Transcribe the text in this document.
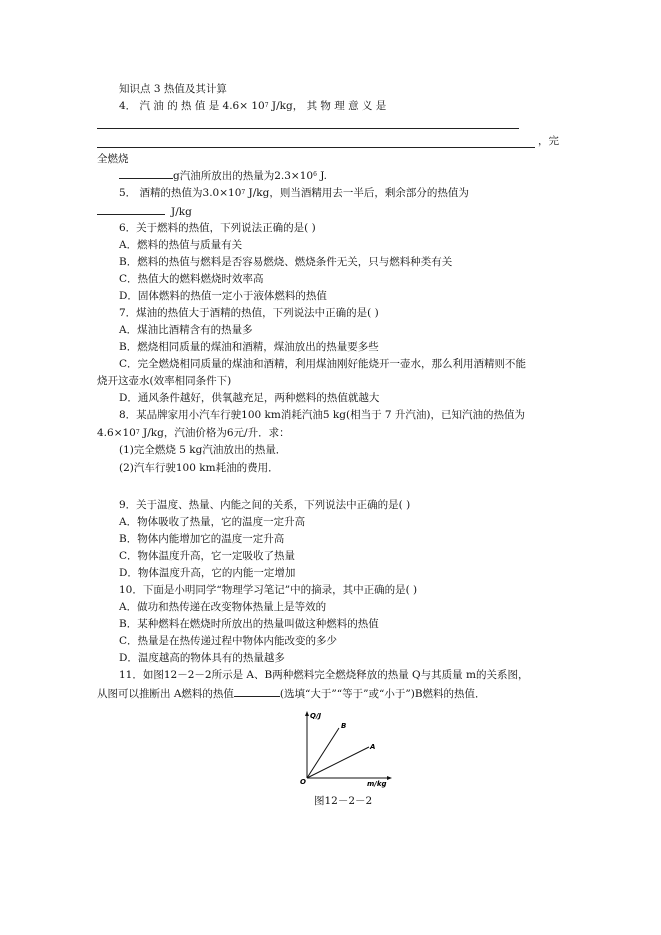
知识点 3 热值及其计算
4． 汽 油 的 热 值 是 $4.6\times 10^7$ J/kg， 其 物 理 意 义 是
，完
全燃烧
g汽油所放出的热量为$2.3\times 10^6$ J.
5． 酒精的热值为$3.0\times 10^7$ J/kg，则当酒精用去一半后，剩余部分的热值为
J/kg
6．关于燃料的热值，下列说法正确的是( )
A．燃料的热值与质量有关
B．燃料的热值与燃料是否容易燃烧、燃烧条件无关，只与燃料种类有关
C．热值大的燃料燃烧时效率高
D．固体燃料的热值一定小于液体燃料的热值
7．煤油的热值大于酒精的热值，下列说法中正确的是( )
A．煤油比酒精含有的热量多
B．燃烧相同质量的煤油和酒精，煤油放出的热量要多些
C．完全燃烧相同质量的煤油和酒精，利用煤油刚好能烧开一壶水，那么利用酒精则不能
烧开这壶水(效率相同条件下)
D．通风条件越好，供氧越充足，两种燃料的热值就越大
8．某品牌家用小汽车行驶100 km消耗汽油5 kg(相当于 7 升汽油)，已知汽油的热值为
$4.6\times 10^7$ J/kg，汽油价格为6元/升．求：
(1)完全燃烧 5 kg汽油放出的热量．
(2)汽车行驶100 km耗油的费用．
9．关于温度、热量、内能之间的关系，下列说法中正确的是( )
A．物体吸收了热量，它的温度一定升高
B．物体内能增加它的温度一定升高
C．物体温度升高，它一定吸收了热量
D．物体温度升高，它的内能一定增加
10．下面是小明同学“物理学习笔记”中的摘录，其中正确的是( )
A．做功和热传递在改变物体热量上是等效的
B．某种燃料在燃烧时所放出的热量叫做这种燃料的热值
C．热量是在热传递过程中物体内能改变的多少
D．温度越高的物体具有的热量越多
11．如图12－2－2所示是 A、B两种燃料完全燃烧释放的热量 Q与其质量 m的关系图，
从图可以推断出 A燃料的热值	(选填“大于”“等于”或“小于”)B燃料的热值．
Q/J
m/kg
O
B
A
图12－2－2
